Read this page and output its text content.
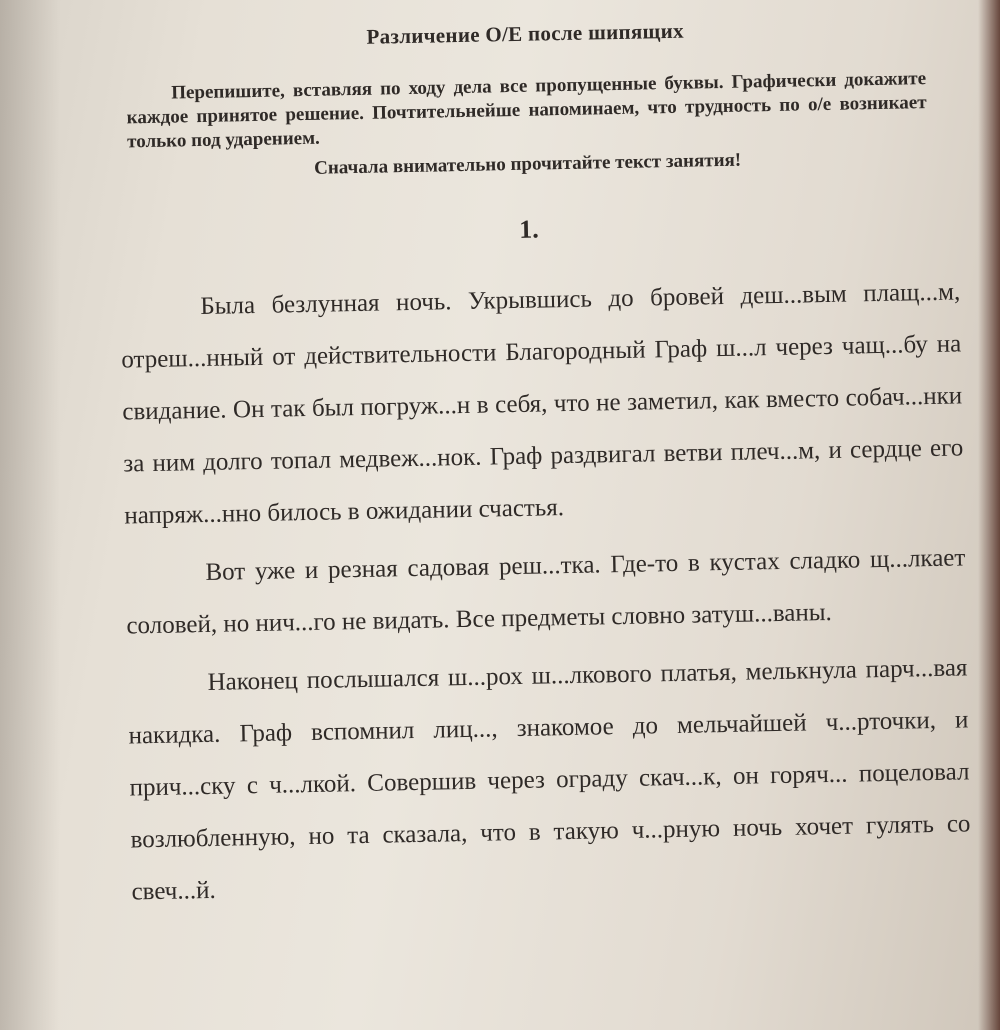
Различение О/Е после шипящих

Перепишите, вставляя по ходу дела все пропущенные буквы. Графически докажите каждое принятое решение. Почтительнейше напоминаем, что трудность по о/е возникает только под ударением.

Сначала внимательно прочитайте текст занятия!

1.

Была безлунная ночь. Укрывшись до бровей деш...вым плащ...м, отреш...нный от действительности Благородный Граф ш...л через чащ...бу на свидание. Он так был погруж...н в себя, что не заметил, как вместо собач...нки за ним долго топал медвеж...нок. Граф раздвигал ветви плеч...м, и сердце его напряж...нно билось в ожидании счастья.

Вот уже и резная садовая реш...тка. Где-то в кустах сладко щ...лкает соловей, но нич...го не видать. Все предметы словно затуш...ваны.

Наконец послышался ш...рох ш...лкового платья, мелькнула парч...вая накидка. Граф вспомнил лиц..., знакомое до мельчайшей ч...рточки, и прич...ску с ч...лкой. Совершив через ограду скач...к, он горяч... поцеловал возлюбленную, но та сказала, что в такую ч...рную ночь хочет гулять со свеч...й.
